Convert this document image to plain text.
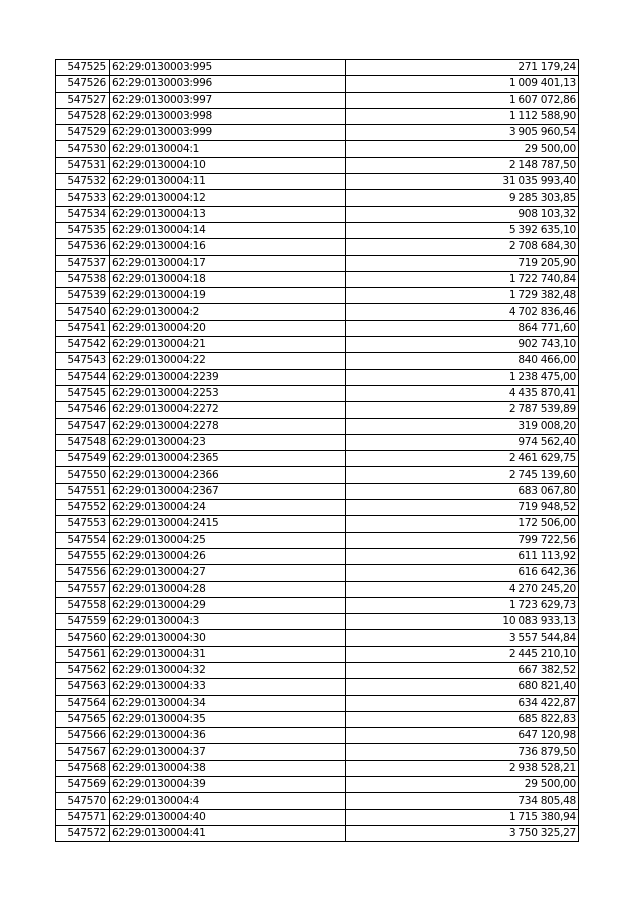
547525	62:29:0130003:995	271 179,24
547526	62:29:0130003:996	1 009 401,13
547527	62:29:0130003:997	1 607 072,86
547528	62:29:0130003:998	1 112 588,90
547529	62:29:0130003:999	3 905 960,54
547530	62:29:0130004:1	29 500,00
547531	62:29:0130004:10	2 148 787,50
547532	62:29:0130004:11	31 035 993,40
547533	62:29:0130004:12	9 285 303,85
547534	62:29:0130004:13	908 103,32
547535	62:29:0130004:14	5 392 635,10
547536	62:29:0130004:16	2 708 684,30
547537	62:29:0130004:17	719 205,90
547538	62:29:0130004:18	1 722 740,84
547539	62:29:0130004:19	1 729 382,48
547540	62:29:0130004:2	4 702 836,46
547541	62:29:0130004:20	864 771,60
547542	62:29:0130004:21	902 743,10
547543	62:29:0130004:22	840 466,00
547544	62:29:0130004:2239	1 238 475,00
547545	62:29:0130004:2253	4 435 870,41
547546	62:29:0130004:2272	2 787 539,89
547547	62:29:0130004:2278	319 008,20
547548	62:29:0130004:23	974 562,40
547549	62:29:0130004:2365	2 461 629,75
547550	62:29:0130004:2366	2 745 139,60
547551	62:29:0130004:2367	683 067,80
547552	62:29:0130004:24	719 948,52
547553	62:29:0130004:2415	172 506,00
547554	62:29:0130004:25	799 722,56
547555	62:29:0130004:26	611 113,92
547556	62:29:0130004:27	616 642,36
547557	62:29:0130004:28	4 270 245,20
547558	62:29:0130004:29	1 723 629,73
547559	62:29:0130004:3	10 083 933,13
547560	62:29:0130004:30	3 557 544,84
547561	62:29:0130004:31	2 445 210,10
547562	62:29:0130004:32	667 382,52
547563	62:29:0130004:33	680 821,40
547564	62:29:0130004:34	634 422,87
547565	62:29:0130004:35	685 822,83
547566	62:29:0130004:36	647 120,98
547567	62:29:0130004:37	736 879,50
547568	62:29:0130004:38	2 938 528,21
547569	62:29:0130004:39	29 500,00
547570	62:29:0130004:4	734 805,48
547571	62:29:0130004:40	1 715 380,94
547572	62:29:0130004:41	3 750 325,27
